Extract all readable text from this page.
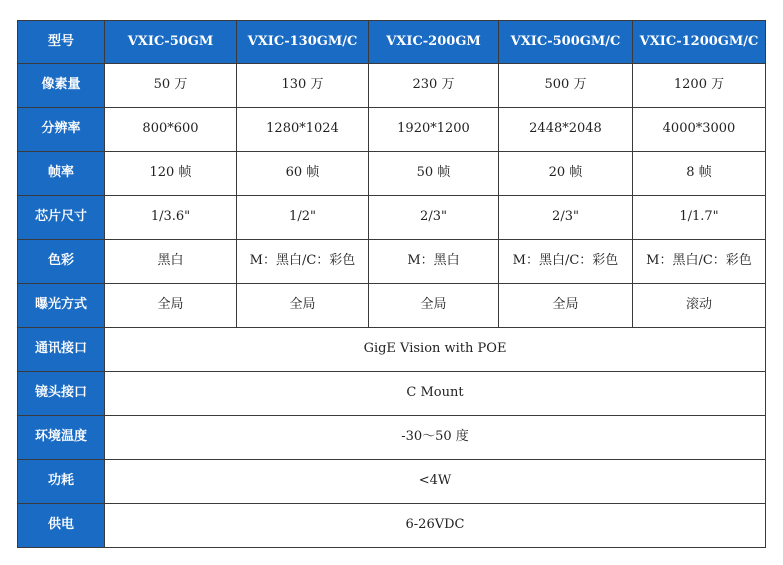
型号	VXIC-50GM	VXIC-130GM/C	VXIC-200GM	VXIC-500GM/C	VXIC-1200GM/C
像素量	50 万	130 万	230 万	500 万	1200 万
分辨率	800*600	1280*1024	1920*1200	2448*2048	4000*3000
帧率	120 帧	60 帧	50 帧	20 帧	8 帧
芯片尺寸	1/3.6"	1/2"	2/3"	2/3"	1/1.7"
色彩	黑白	M：黑白/C：彩色	M：黑白	M：黑白/C：彩色	M：黑白/C：彩色
曝光方式	全局	全局	全局	全局	滚动
通讯接口	GigE Vision with POE				
镜头接口	C Mount				
环境温度	-30～50 度				
功耗	<4W				
供电	6-26VDC				
